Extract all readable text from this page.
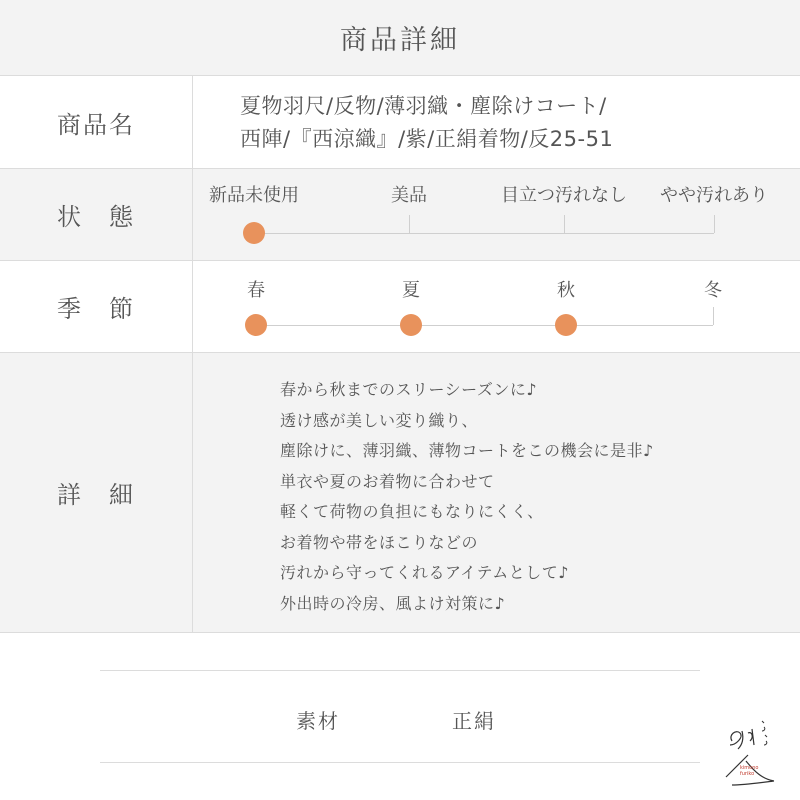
商品詳細
商品名
夏物羽尺/反物/薄羽織・塵除けコート/
西陣/『西涼織』/紫/正絹着物/反25-51
状　態
新品未使用	美品	目立つ汚れなし やや汚れあり
季　節
春	夏	秋	冬
詳　細
春から秋までのスリーシーズンに♪
透け感が美しい変り織り、
塵除けに、薄羽織、薄物コートをこの機会に是非♪
単衣や夏のお着物に合わせて
軽くて荷物の負担にもなりにくく、
お着物や帯をほこりなどの
汚れから守ってくれるアイテムとして♪
外出時の冷房、風よけ対策に♪
素材	正絹
kimono
furiko
